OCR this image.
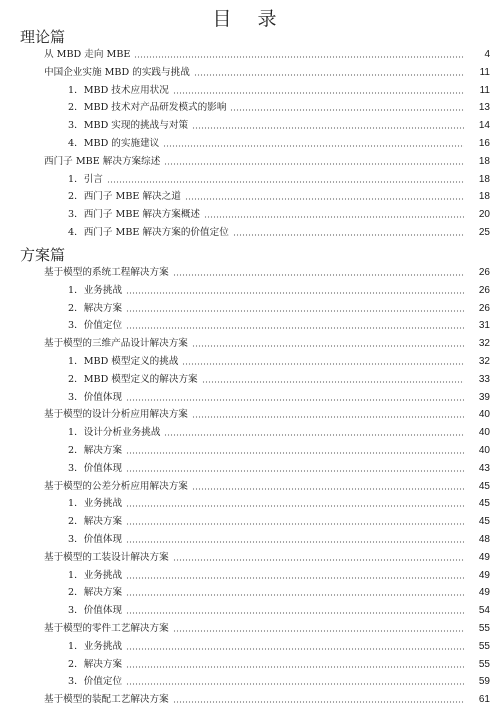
目 录
理论篇
从 MBD 走向 MBE	4
中国企业实施 MBD 的实践与挑战	11
1．MBD 技术应用状况	11
2．MBD 技术对产品研发模式的影响	13
3．MBD 实现的挑战与对策	14
4．MBD 的实施建议	16
西门子 MBE 解决方案综述	18
1．引言	18
2．西门子 MBE 解决之道	18
3．西门子 MBE 解决方案概述	20
4．西门子 MBE 解决方案的价值定位	25
方案篇
基于模型的系统工程解决方案	26
1．业务挑战	26
2．解决方案	26
3．价值定位	31
基于模型的三维产品设计解决方案	32
1．MBD 模型定义的挑战	32
2．MBD 模型定义的解决方案	33
3．价值体现	39
基于模型的设计分析应用解决方案	40
1．设计分析业务挑战	40
2．解决方案	40
3．价值体现	43
基于模型的公差分析应用解决方案	45
1．业务挑战	45
2．解决方案	45
3．价值体现	48
基于模型的工装设计解决方案	49
1．业务挑战	49
2．解决方案	49
3．价值体现	54
基于模型的零件工艺解决方案	55
1．业务挑战	55
2．解决方案	55
3．价值定位	59
基于模型的装配工艺解决方案	61
